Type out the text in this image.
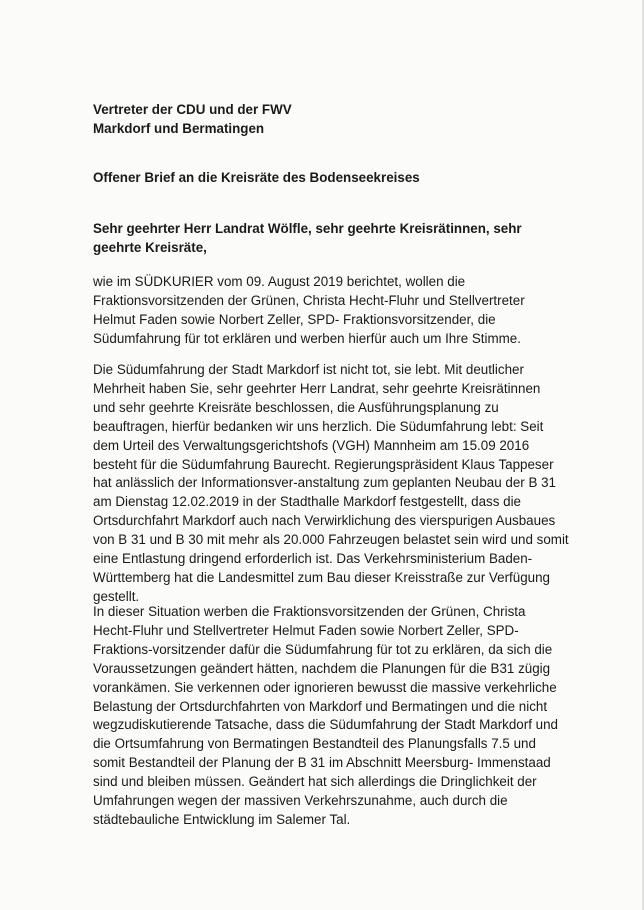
Vertreter der CDU und der FWV
Markdorf und Bermatingen
Offener Brief an die Kreisräte des Bodenseekreises
Sehr geehrter Herr Landrat Wölfle, sehr geehrte Kreisrätinnen, sehr geehrte Kreisräte,
wie im SÜDKURIER vom 09. August 2019 berichtet, wollen die
Fraktionsvorsitzenden der Grünen, Christa Hecht-Fluhr und Stellvertreter
Helmut Faden sowie Norbert Zeller, SPD- Fraktionsvorsitzender, die
Südumfahrung für tot erklären und werben hierfür auch um Ihre Stimme.
Die Südumfahrung der Stadt Markdorf ist nicht tot, sie lebt. Mit deutlicher
Mehrheit haben Sie, sehr geehrter Herr Landrat, sehr geehrte Kreisrätinnen
und sehr geehrte Kreisräte beschlossen, die Ausführungsplanung zu
beauftragen, hierfür bedanken wir uns herzlich. Die Südumfahrung lebt: Seit
dem Urteil des Verwaltungsgerichtshofs (VGH) Mannheim am 15.09 2016
besteht für die Südumfahrung Baurecht. Regierungspräsident Klaus Tappeser
hat anlässlich der Informationsver-anstaltung zum geplanten Neubau der B 31
am Dienstag 12.02.2019 in der Stadthalle Markdorf festgestellt, dass die
Ortsdurchfahrt Markdorf auch nach Verwirklichung des vierspurigen Ausbaues
von B 31 und B 30 mit mehr als 20.000 Fahrzeugen belastet sein wird und somit
eine Entlastung dringend erforderlich ist. Das Verkehrsministerium Baden-
Württemberg hat die Landesmittel zum Bau dieser Kreisstraße zur Verfügung
gestellt.
In dieser Situation werben die Fraktionsvorsitzenden der Grünen, Christa
Hecht-Fluhr und Stellvertreter Helmut Faden sowie Norbert Zeller, SPD-
Fraktions-vorsitzender dafür die Südumfahrung für tot zu erklären, da sich die
Voraussetzungen geändert hätten, nachdem die Planungen für die B31 zügig
vorankämen. Sie verkennen oder ignorieren bewusst die massive verkehrliche
Belastung der Ortsdurchfahrten von Markdorf und Bermatingen und die nicht
wegzudiskutierende Tatsache, dass die Südumfahrung der Stadt Markdorf und
die Ortsumfahrung von Bermatingen Bestandteil des Planungsfalls 7.5 und
somit Bestandteil der Planung der B 31 im Abschnitt Meersburg- Immenstaad
sind und bleiben müssen. Geändert hat sich allerdings die Dringlichkeit der
Umfahrungen wegen der massiven Verkehrszunahme, auch durch die
städtebauliche Entwicklung im Salemer Tal.
